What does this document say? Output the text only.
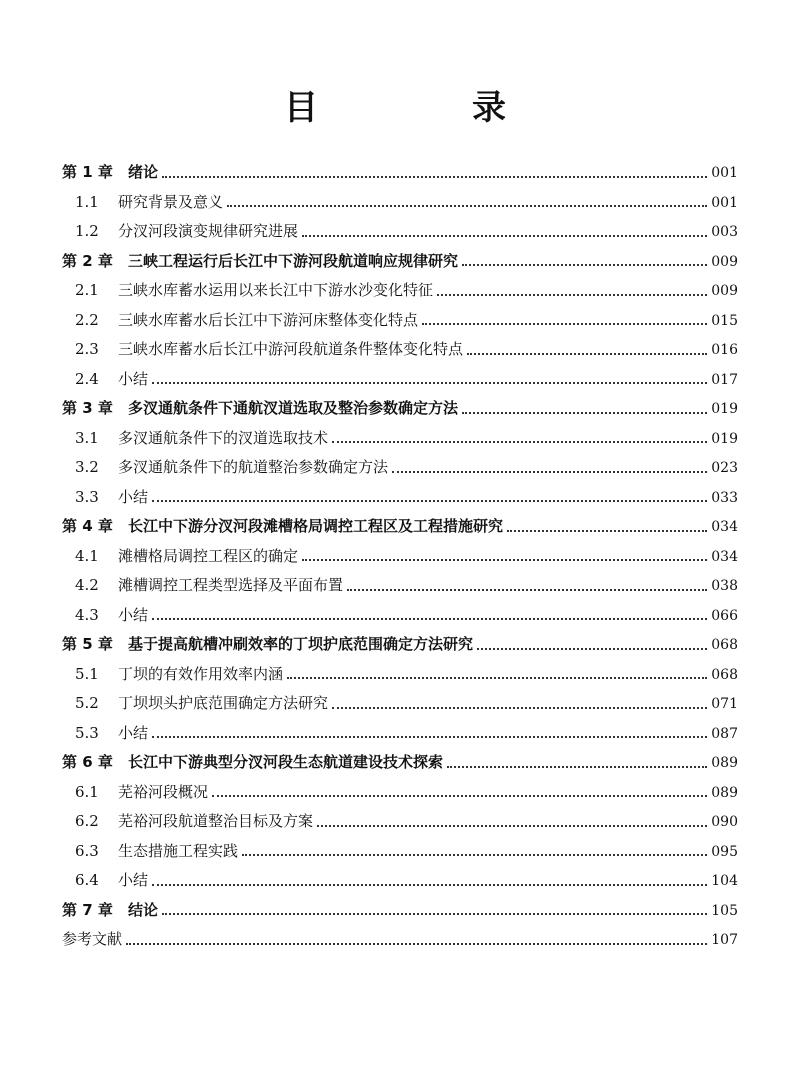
目　录
第 1 章	绪论	001
1.1	研究背景及意义	001
1.2	分汊河段演变规律研究进展	003
第 2 章	三峡工程运行后长江中下游河段航道响应规律研究	009
2.1	三峡水库蓄水运用以来长江中下游水沙变化特征	009
2.2	三峡水库蓄水后长江中下游河床整体变化特点	015
2.3	三峡水库蓄水后长江中游河段航道条件整体变化特点	016
2.4	小结	017
第 3 章	多汊通航条件下通航汊道选取及整治参数确定方法	019
3.1	多汊通航条件下的汊道选取技术	019
3.2	多汊通航条件下的航道整治参数确定方法	023
3.3	小结	033
第 4 章	长江中下游分汊河段滩槽格局调控工程区及工程措施研究	034
4.1	滩槽格局调控工程区的确定	034
4.2	滩槽调控工程类型选择及平面布置	038
4.3	小结	066
第 5 章	基于提高航槽冲刷效率的丁坝护底范围确定方法研究	068
5.1	丁坝的有效作用效率内涵	068
5.2	丁坝坝头护底范围确定方法研究	071
5.3	小结	087
第 6 章	长江中下游典型分汊河段生态航道建设技术探索	089
6.1	芜裕河段概况	089
6.2	芜裕河段航道整治目标及方案	090
6.3	生态措施工程实践	095
6.4	小结	104
第 7 章	结论	105
参考文献	107
